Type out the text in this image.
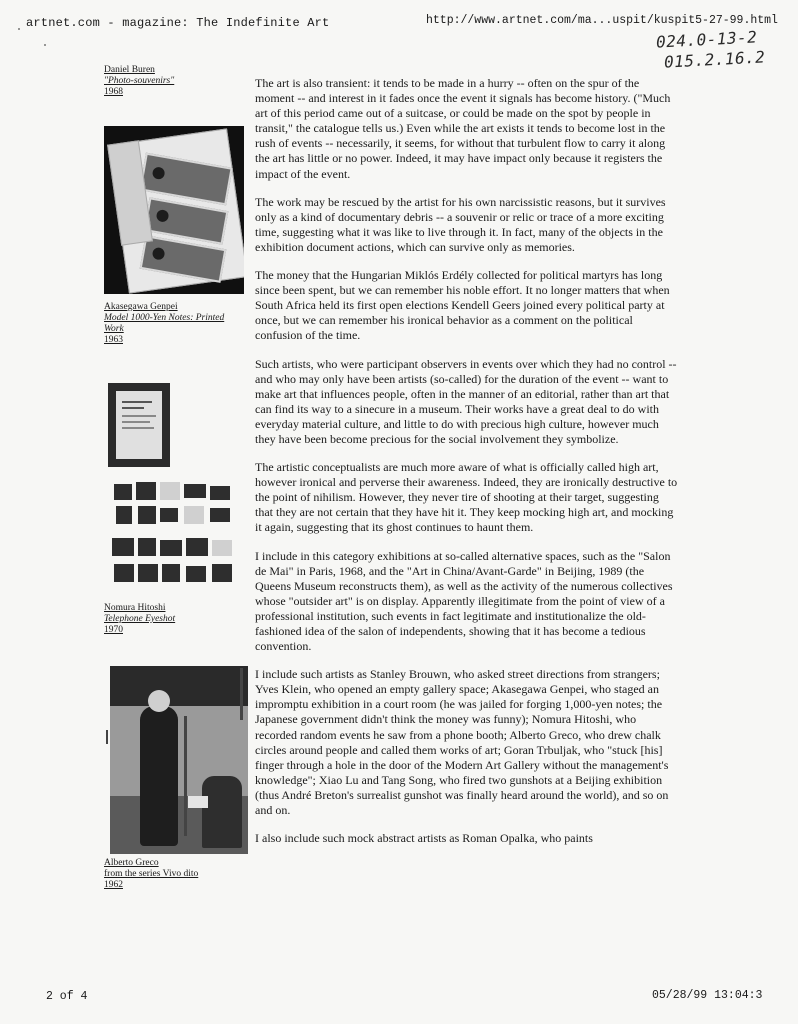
artnet.com - magazine: The Indefinite Art	http://www.artnet.com/ma...uspit/kuspit5-27-99.html
024.0-13-2
015.2.16.2
Daniel Buren
"Photo-souvenirs"
1968
Akasegawa Genpei
Model 1000-Yen Notes: Printed
Work
1963
Nomura Hitoshi
Telephone Eyeshot
1970
Alberto Greco
from the series Vivo dito
1962

The art is also transient: it tends to be made in a hurry -- often on the spur of the moment -- and interest in it fades once the event it signals has become history. ("Much art of this period came out of a suitcase, or could be made on the spot by people in transit," the catalogue tells us.) Even while the art exists it tends to become lost in the rush of events -- necessarily, it seems, for without that turbulent flow to carry it along the art has little or no power. Indeed, it may have impact only because it registers the impact of the event.

The work may be rescued by the artist for his own narcissistic reasons, but it survives only as a kind of documentary debris -- a souvenir or relic or trace of a more exciting time, suggesting what it was like to live through it. In fact, many of the objects in the exhibition document actions, which can survive only as memories.

The money that the Hungarian Miklós Erdély collected for political martyrs has long since been spent, but we can remember his noble effort. It no longer matters that when South Africa held its first open elections Kendell Geers joined every political party at once, but we can remember his ironical behavior as a comment on the political confusion of the time.

Such artists, who were participant observers in events over which they had no control -- and who may only have been artists (so-called) for the duration of the event -- want to make art that influences people, often in the manner of an editorial, rather than art that can find its way to a sinecure in a museum. Their works have a great deal to do with everyday material culture, and little to do with precious high culture, however much they have been become precious for the social involvement they symbolize.

The artistic conceptualists are much more aware of what is officially called high art, however ironical and perverse their awareness. Indeed, they are ironically destructive to the point of nihilism. However, they never tire of shooting at their target, suggesting that they are not certain that they have hit it. They keep mocking high art, and mocking it again, suggesting that its ghost continues to haunt them.

I include in this category exhibitions at so-called alternative spaces, such as the "Salon de Mai" in Paris, 1968, and the "Art in China/Avant-Garde" in Beijing, 1989 (the Queens Museum reconstructs them), as well as the activity of the numerous collectives whose "outsider art" is on display. Apparently illegitimate from the point of view of a professional institution, such events in fact legitimate and institutionalize the old-fashioned idea of the salon of independents, showing that it has become a tedious convention.

I include such artists as Stanley Brouwn, who asked street directions from strangers; Yves Klein, who opened an empty gallery space; Akasegawa Genpei, who staged an impromptu exhibition in a court room (he was jailed for forging 1,000-yen notes; the Japanese government didn't think the money was funny); Nomura Hitoshi, who recorded random events he saw from a phone booth; Alberto Greco, who drew chalk circles around people and called them works of art; Goran Trbuljak, who "stuck [his] finger through a hole in the door of the Modern Art Gallery without the management's knowledge"; Xiao Lu and Tang Song, who fired two gunshots at a Beijing exhibition (thus André Breton's surrealist gunshot was finally heard around the world), and so on and on.

I also include such mock abstract artists as Roman Opalka, who paints

2 of 4	05/28/99 13:04:3
